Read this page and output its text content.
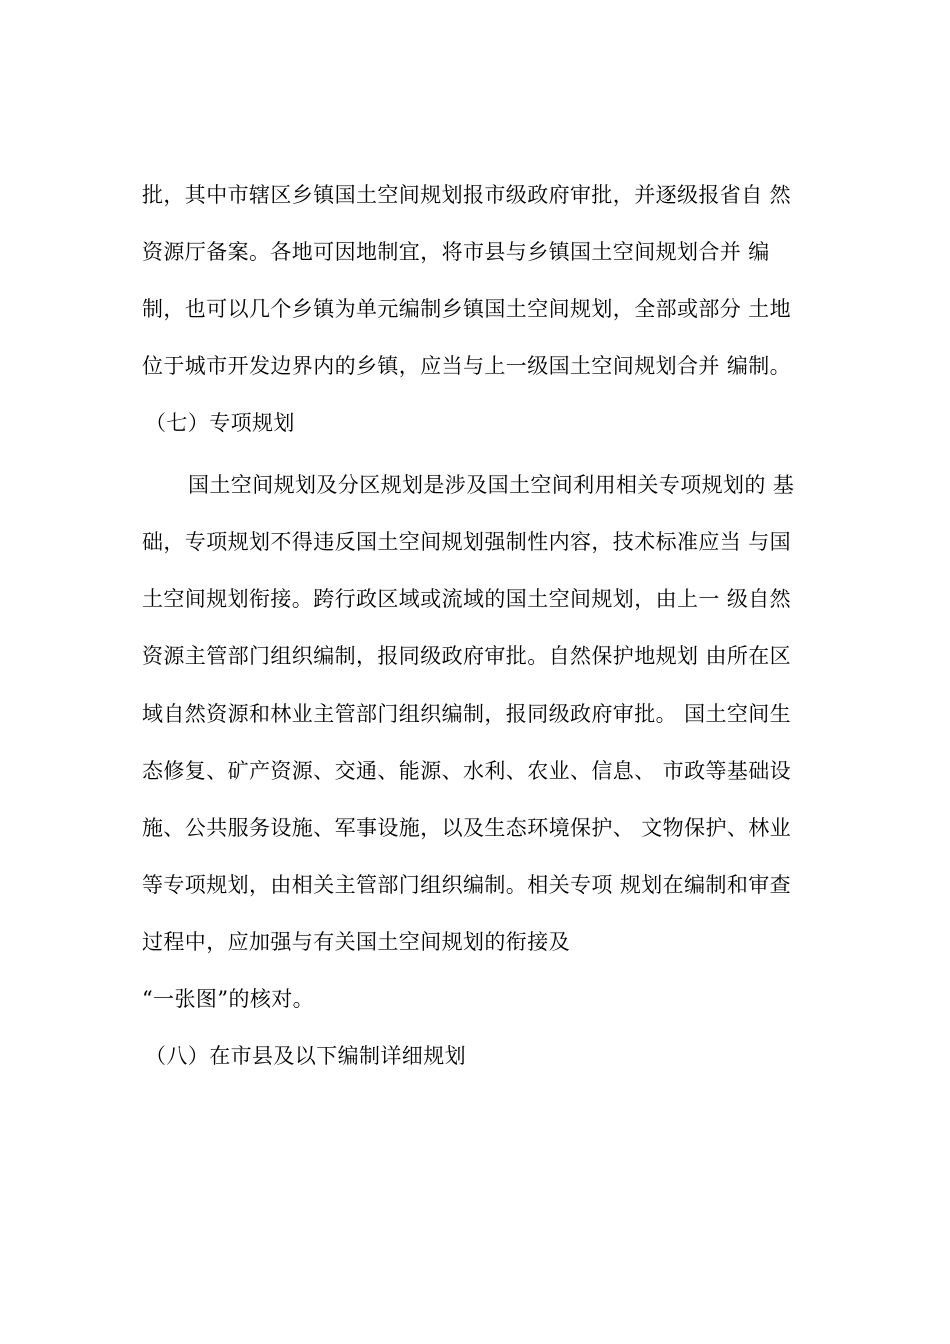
批，其中市辖区乡镇国土空间规划报市级政府审批，并逐级报省自 然
资源厅备案。各地可因地制宜，将市县与乡镇国土空间规划合并 编
制，也可以几个乡镇为单元编制乡镇国土空间规划，全部或部分 土地
位于城市开发边界内的乡镇，应当与上一级国土空间规划合并 编制。
（七）专项规划
国土空间规划及分区规划是涉及国土空间利用相关专项规划的 基
础，专项规划不得违反国土空间规划强制性内容，技术标准应当 与国
土空间规划衔接。跨行政区域或流域的国土空间规划，由上一 级自然
资源主管部门组织编制，报同级政府审批。自然保护地规划 由所在区
域自然资源和林业主管部门组织编制，报同级政府审批。 国土空间生
态修复、矿产资源、交通、能源、水利、农业、信息、 市政等基础设
施、公共服务设施、军事设施，以及生态环境保护、 文物保护、林业
等专项规划，由相关主管部门组织编制。相关专项 规划在编制和审查
过程中，应加强与有关国土空间规划的衔接及
“一张图”的核对。
（八）在市县及以下编制详细规划
